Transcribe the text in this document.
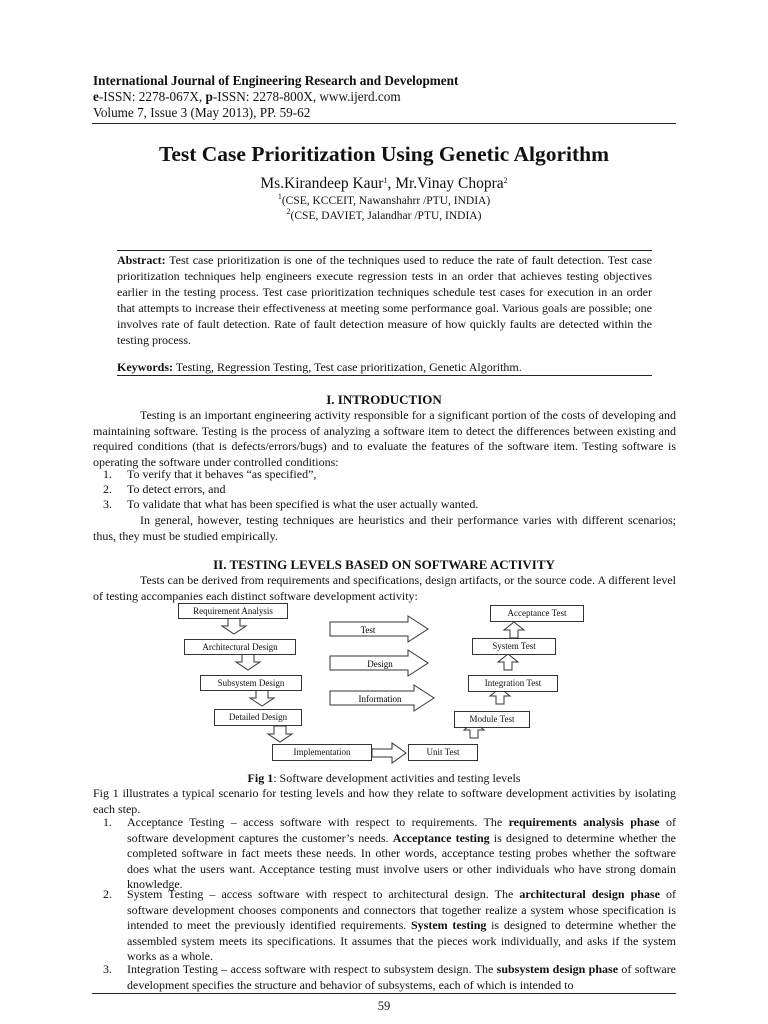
International Journal of Engineering Research and Development
e-ISSN: 2278-067X, p-ISSN: 2278-800X, www.ijerd.com
Volume 7, Issue 3 (May 2013), PP. 59-62
Test Case Prioritization Using Genetic Algorithm
Ms.Kirandeep Kaur$^1$, Mr.Vinay Chopra$^2$
$^1$(CSE, KCCEIT, Nawanshahrr /PTU, INDIA)
$^2$(CSE, DAVIET, Jalandhar /PTU, INDIA)
Abstract: Test case prioritization is one of the techniques used to reduce the rate of fault detection. Test case prioritization techniques help engineers execute regression tests in an order that achieves testing objectives earlier in the testing process. Test case prioritization techniques schedule test cases for execution in an order that attempts to increase their effectiveness at meeting some performance goal. Various goals are possible; one involves rate of fault detection. Rate of fault detection measure of how quickly faults are detected within the testing process.
Keywords: Testing, Regression Testing, Test case prioritization, Genetic Algorithm.
I. INTRODUCTION
Testing is an important engineering activity responsible for a significant portion of the costs of developing and maintaining software. Testing is the process of analyzing a software item to detect the differences between existing and required conditions (that is defects/errors/bugs) and to evaluate the features of the software item. Testing software is operating the software under controlled conditions:
1. To verify that it behaves “as specified”,
2. To detect errors, and
3. To validate that what has been specified is what the user actually wanted.
In general, however, testing techniques are heuristics and their performance varies with different scenarios; thus, they must be studied empirically.
II. TESTING LEVELS BASED ON SOFTWARE ACTIVITY
Tests can be derived from requirements and specifications, design artifacts, or the source code. A different level of testing accompanies each distinct software development activity:
Test
Design
Information
Requirement Analysis
Architectural Design
Subsystem Design
Detailed Design
Implementation	Unit Test
Module Test
Integration Test
System Test
Acceptance Test
Fig 1: Software development activities and testing levels
Fig 1 illustrates a typical scenario for testing levels and how they relate to software development activities by isolating each step.
1. Acceptance Testing – access software with respect to requirements. The requirements analysis phase of software development captures the customer’s needs. Acceptance testing is designed to determine whether the completed software in fact meets these needs. In other words, acceptance testing probes whether the software does what the users want. Acceptance testing must involve users or other individuals who have strong domain knowledge.
2. System Testing – access software with respect to architectural design. The architectural design phase of software development chooses components and connectors that together realize a system whose specification is intended to meet the previously identified requirements. System testing is designed to determine whether the assembled system meets its specifications. It assumes that the pieces work individually, and asks if the system works as a whole.
3. Integration Testing – access software with respect to subsystem design. The subsystem design phase of software development specifies the structure and behavior of subsystems, each of which is intended to
59
